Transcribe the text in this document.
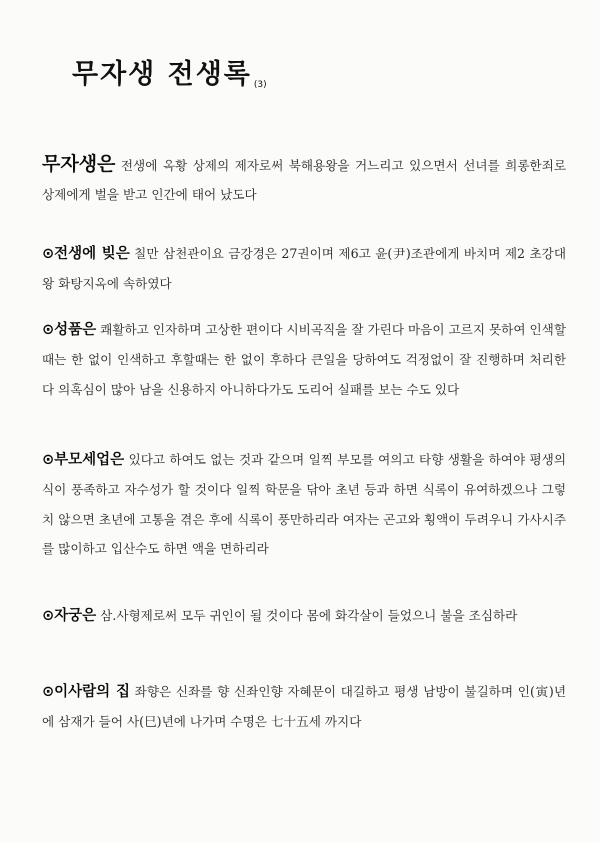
무자생 전생록 (3)

무자생은 전생에 옥황 상제의 제자로써 북해용왕을 거느리고 있으면서 선녀를 희롱한죄로 상제에게 벌을 받고 인간에 태어 났도다

⊙전생에 빚은 칠만 삼천관이요 금강경은 27권이며 제6고 윤(尹)조관에게 바치며 제2 초강대왕 화탕지옥에 속하였다

⊙성품은 쾌활하고 인자하며 고상한 편이다 시비곡직을 잘 가린다 마음이 고르지 못하여 인색할때는 한 없이 인색하고 후할때는 한 없이 후하다 큰일을 당하여도 걱정없이 잘 진행하며 처리한다 의혹심이 많아 남을 신용하지 아니하다가도 도리어 실패를 보는 수도 있다

⊙부모세업은 있다고 하여도 없는 것과 같으며 일찍 부모를 여의고 타향 생활을 하여야 평생의식이 풍족하고 자수성가 할 것이다 일찍 학문을 닦아 초년 등과 하면 식록이 유여하겠으나 그렇치 않으면 초년에 고통을 겪은 후에 식록이 풍만하리라 여자는 곤고와 횡액이 두려우니 가사시주를 많이하고 입산수도 하면 액을 면하리라

⊙자궁은 삼.사형제로써 모두 귀인이 될 것이다 몸에 화각살이 들었으니 불을 조심하라

⊙이사람의 집 좌향은 신좌를 향 신좌인향 자혜문이 대길하고 평생 남방이 불길하며 인(寅)년에 삼재가 들어 사(巳)년에 나가며 수명은 七十五세 까지다
